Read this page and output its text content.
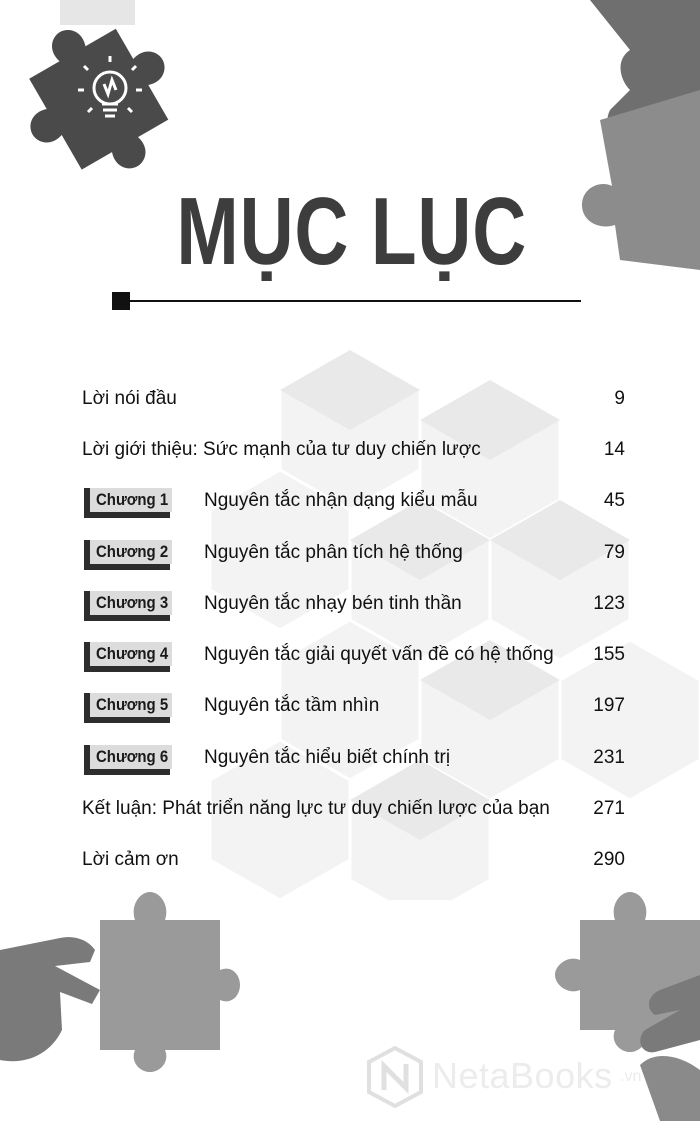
MỤC LỤC
Lời nói đầu	9
Lời giới thiệu: Sức mạnh của tư duy chiến lược	14
Chương 1 Nguyên tắc nhận dạng kiểu mẫu	45
Chương 2 Nguyên tắc phân tích hệ thống	79
Chương 3 Nguyên tắc nhạy bén tinh thần	123
Chương 4 Nguyên tắc giải quyết vấn đề có hệ thống 155
Chương 5 Nguyên tắc tầm nhìn	197
Chương 6 Nguyên tắc hiểu biết chính trị	231
Kết luận: Phát triển năng lực tư duy chiến lược của bạn 271
Lời cảm ơn	290
NetaBooks .vn
